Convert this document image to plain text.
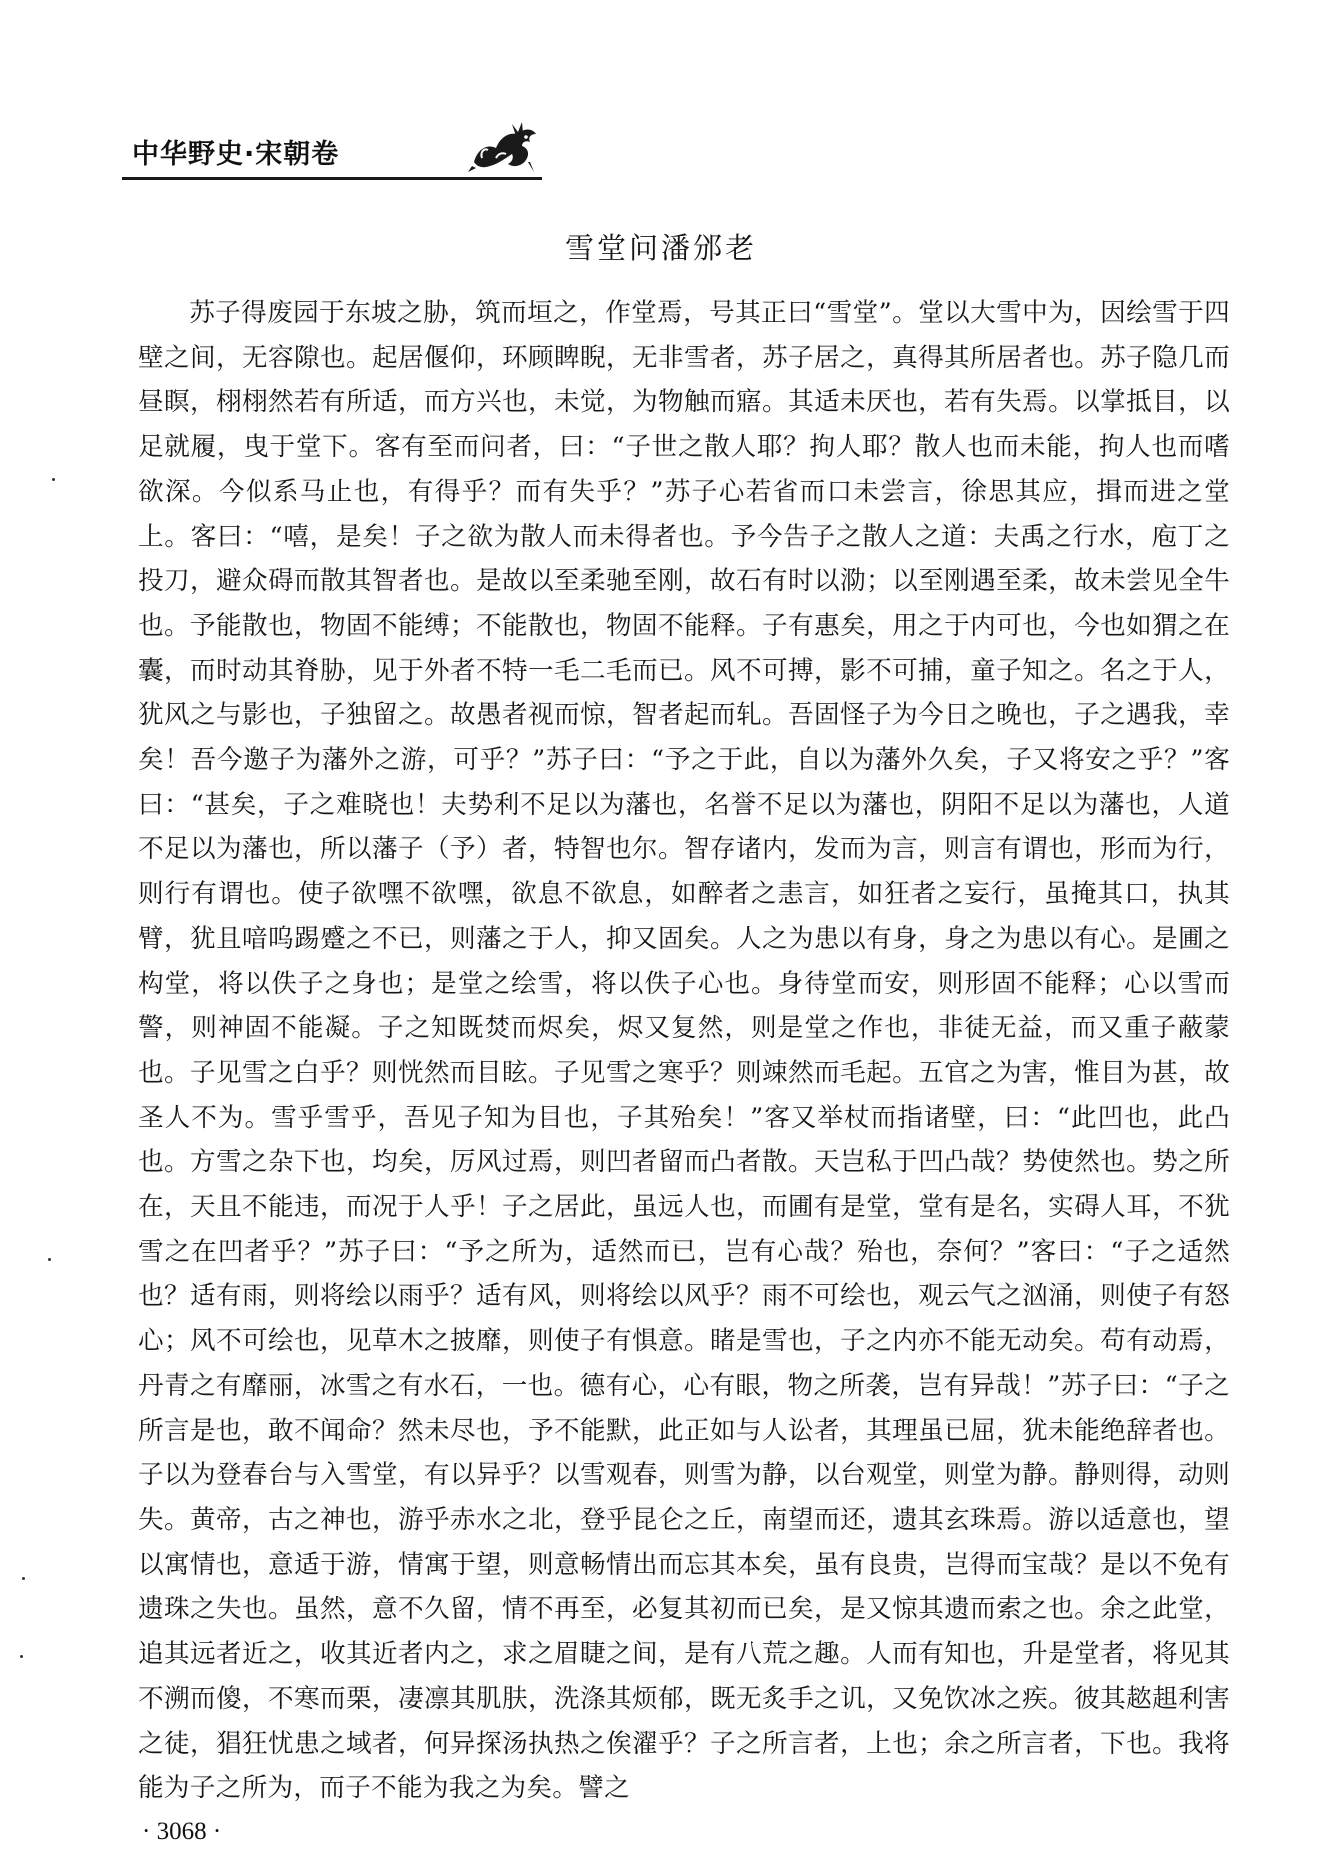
中华野史·宋朝卷
雪堂问潘邠老

苏子得废园于东坡之胁，筑而垣之，作堂焉，号其正曰“雪堂”。堂以大雪中为，因绘雪于四壁之间，无容隙也。起居偃仰，环顾睥睨，无非雪者，苏子居之，真得其所居者也。苏子隐几而昼瞑，栩栩然若有所适，而方兴也，未觉，为物触而寤。其适未厌也，若有失焉。以掌抵目，以足就履，曳于堂下。客有至而问者，曰：“子世之散人耶？拘人耶？散人也而未能，拘人也而嗜欲深。今似系马止也，有得乎？而有失乎？”苏子心若省而口未尝言，徐思其应，揖而进之堂上。客曰：“嘻，是矣！子之欲为散人而未得者也。予今告子之散人之道：夫禹之行水，庖丁之投刀，避众碍而散其智者也。是故以至柔驰至刚，故石有时以泐；以至刚遇至柔，故未尝见全牛也。予能散也，物固不能缚；不能散也，物固不能释。子有惠矣，用之于内可也，今也如猬之在囊，而时动其脊胁，见于外者不特一毛二毛而已。风不可搏，影不可捕，童子知之。名之于人，犹风之与影也，子独留之。故愚者视而惊，智者起而轧。吾固怪子为今日之晚也，子之遇我，幸矣！吾今邀子为藩外之游，可乎？”苏子曰：“予之于此，自以为藩外久矣，子又将安之乎？”客曰：“甚矣，子之难晓也！夫势利不足以为藩也，名誉不足以为藩也，阴阳不足以为藩也，人道不足以为藩也，所以藩子（予）者，特智也尔。智存诸内，发而为言，则言有谓也，形而为行，则行有谓也。使子欲嘿不欲嘿，欲息不欲息，如醉者之恚言，如狂者之妄行，虽掩其口，执其臂，犹且喑呜踢蹙之不已，则藩之于人，抑又固矣。人之为患以有身，身之为患以有心。是圃之构堂，将以佚子之身也；是堂之绘雪，将以佚子心也。身待堂而安，则形固不能释；心以雪而警，则神固不能凝。子之知既焚而烬矣，烬又复然，则是堂之作也，非徒无益，而又重子蔽蒙也。子见雪之白乎？则恍然而目眩。子见雪之寒乎？则竦然而毛起。五官之为害，惟目为甚，故圣人不为。雪乎雪乎，吾见子知为目也，子其殆矣！”客又举杖而指诸壁，曰：“此凹也，此凸也。方雪之杂下也，均矣，厉风过焉，则凹者留而凸者散。天岂私于凹凸哉？势使然也。势之所在，天且不能违，而况于人乎！子之居此，虽远人也，而圃有是堂，堂有是名，实碍人耳，不犹雪之在凹者乎？”苏子曰：“予之所为，适然而已，岂有心哉？殆也，奈何？”客曰：“子之适然也？适有雨，则将绘以雨乎？适有风，则将绘以风乎？雨不可绘也，观云气之汹涌，则使子有怒心；风不可绘也，见草木之披靡，则使子有惧意。睹是雪也，子之内亦不能无动矣。苟有动焉，丹青之有靡丽，冰雪之有水石，一也。德有心，心有眼，物之所袭，岂有异哉！”苏子曰：“子之所言是也，敢不闻命？然未尽也，予不能默，此正如与人讼者，其理虽已屈，犹未能绝辞者也。子以为登春台与入雪堂，有以异乎？以雪观春，则雪为静，以台观堂，则堂为静。静则得，动则失。黄帝，古之神也，游乎赤水之北，登乎昆仑之丘，南望而还，遗其玄珠焉。游以适意也，望以寓情也，意适于游，情寓于望，则意畅情出而忘其本矣，虽有良贵，岂得而宝哉？是以不免有遗珠之失也。虽然，意不久留，情不再至，必复其初而已矣，是又惊其遗而索之也。余之此堂，追其远者近之，收其近者内之，求之眉睫之间，是有八荒之趣。人而有知也，升是堂者，将见其不溯而傻，不寒而栗，凄凛其肌肤，洗涤其烦郁，既无炙手之讥，又免饮冰之疾。彼其趑趄利害之徒，猖狂忧患之域者，何异探汤执热之俟濯乎？子之所言者，上也；余之所言者，下也。我将能为子之所为，而子不能为我之为矣。譬之

· 3068 ·
